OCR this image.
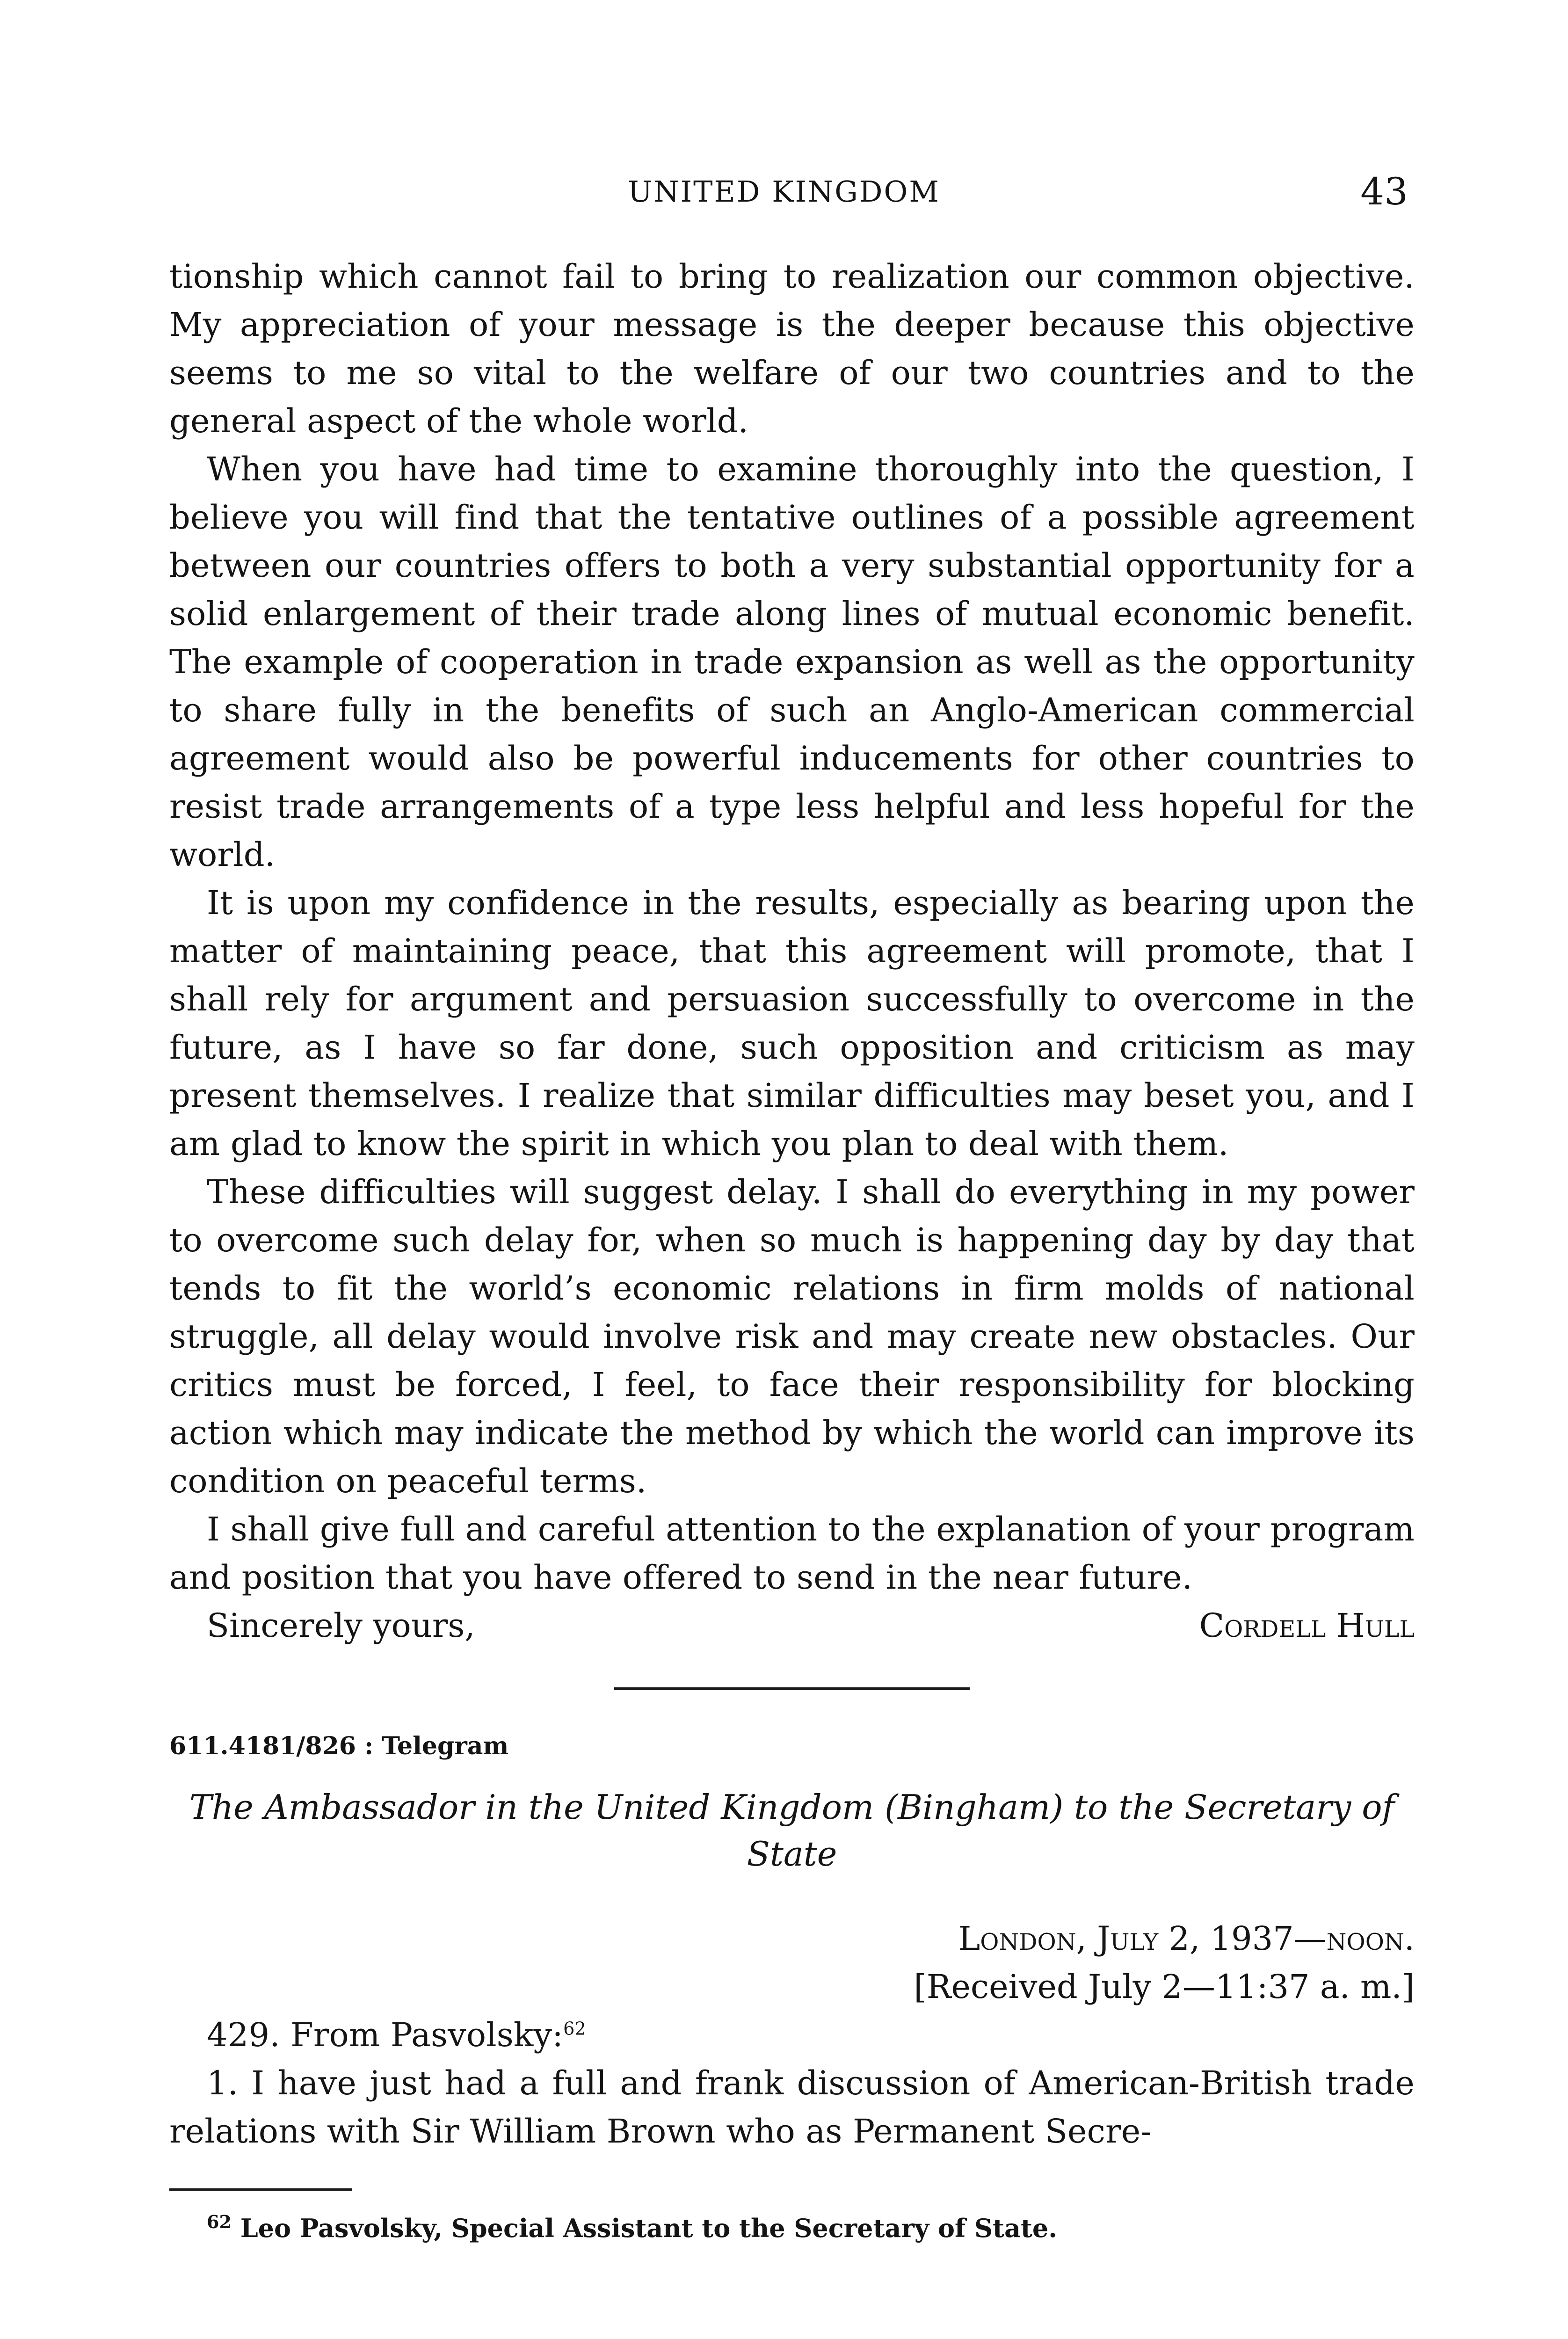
UNITED KINGDOM	43

tionship which cannot fail to bring to realization our common objective. My appreciation of your message is the deeper because this objective seems to me so vital to the welfare of our two countries and to the general aspect of the whole world.

When you have had time to examine thoroughly into the question, I believe you will find that the tentative outlines of a possible agreement between our countries offers to both a very substantial opportunity for a solid enlargement of their trade along lines of mutual economic benefit. The example of cooperation in trade expansion as well as the opportunity to share fully in the benefits of such an Anglo-American commercial agreement would also be powerful inducements for other countries to resist trade arrangements of a type less helpful and less hopeful for the world.

It is upon my confidence in the results, especially as bearing upon the matter of maintaining peace, that this agreement will promote, that I shall rely for argument and persuasion successfully to overcome in the future, as I have so far done, such opposition and criticism as may present themselves. I realize that similar difficulties may beset you, and I am glad to know the spirit in which you plan to deal with them.

These difficulties will suggest delay. I shall do everything in my power to overcome such delay for, when so much is happening day by day that tends to fit the world’s economic relations in firm molds of national struggle, all delay would involve risk and may create new obstacles. Our critics must be forced, I feel, to face their responsibility for blocking action which may indicate the method by which the world can improve its condition on peaceful terms.

I shall give full and careful attention to the explanation of your program and position that you have offered to send in the near future.

Sincerely yours,	Cordell Hull
611.4181/826 : Telegram

The Ambassador in the United Kingdom (Bingham) to the Secretary of State

London, July 2, 1937—noon.
[Received July 2—11:37 a. m.]

429. From Pasvolsky:$^{62}$

1. I have just had a full and frank discussion of American-British trade relations with Sir William Brown who as Permanent Secre-

$^{62}$ Leo Pasvolsky, Special Assistant to the Secretary of State.
